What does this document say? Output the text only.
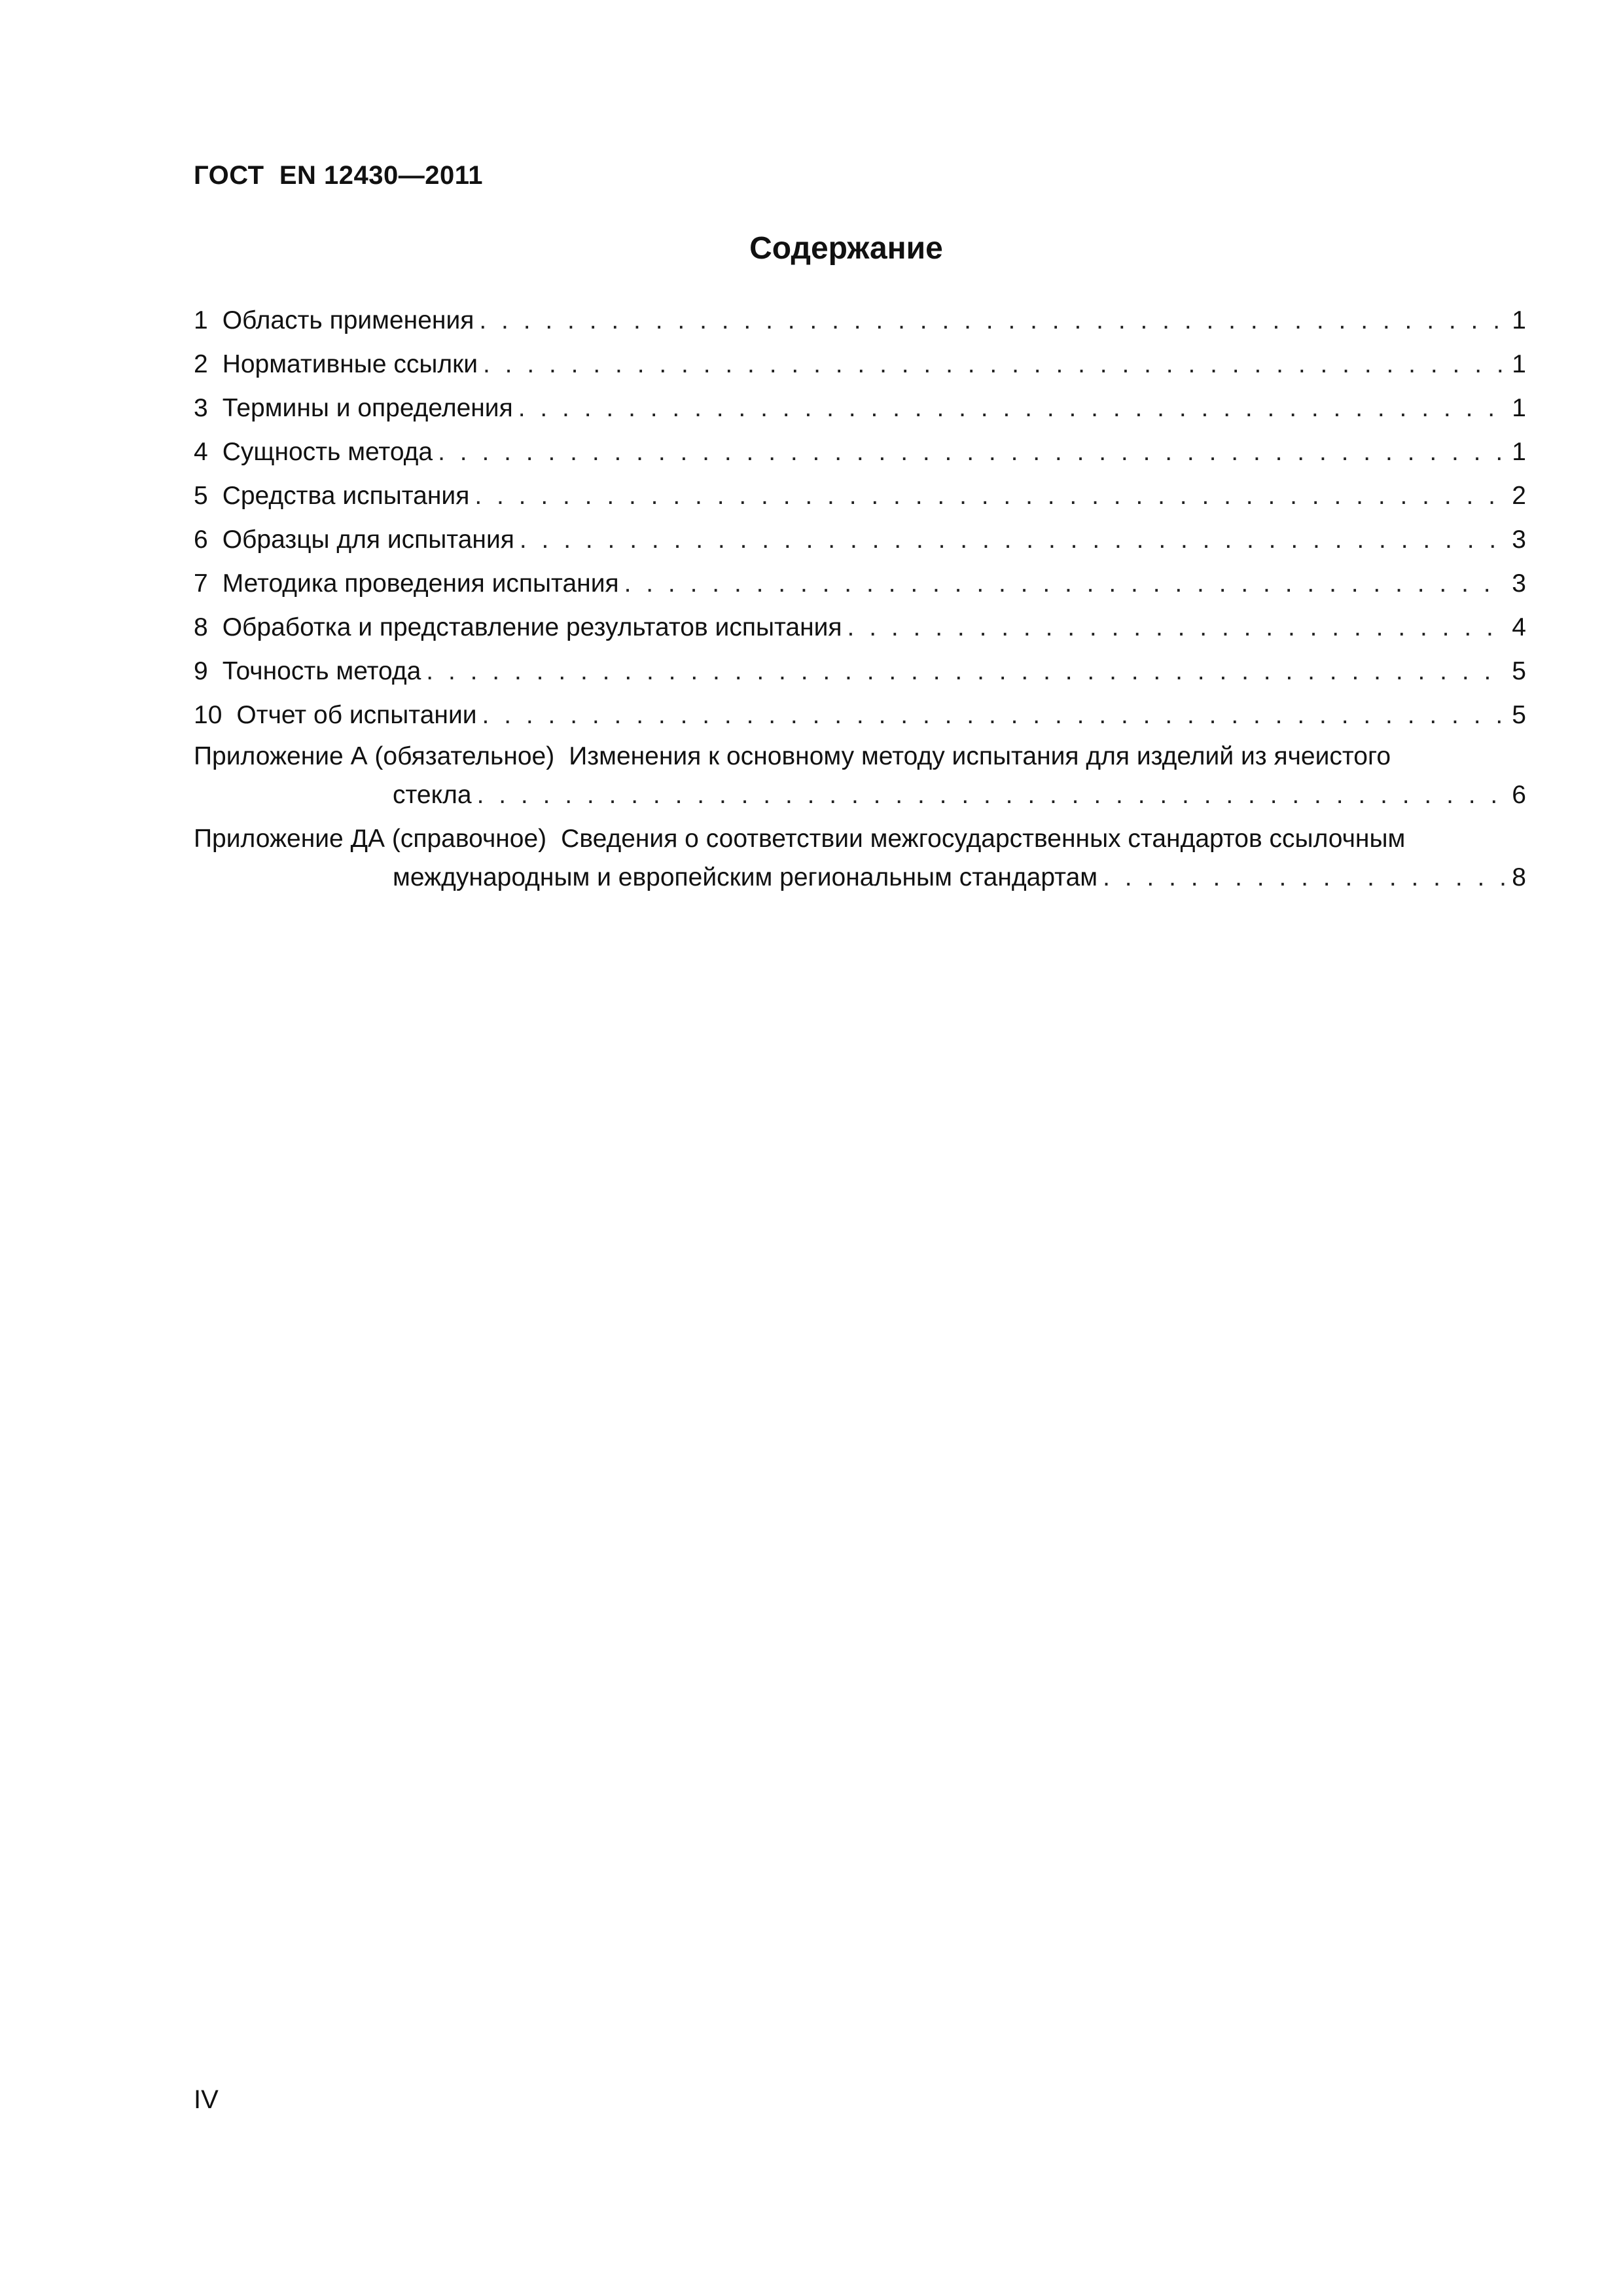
ГОСТ  EN 12430—2011
Содержание
1 Область применения . . .	1
2 Нормативные ссылки . . .	1
3 Термины и определения . . .	1
4 Сущность метода . . .	1
5 Средства испытания . . .	2
6 Образцы для испытания . . .	3
7 Методика проведения испытания . . .	3
8 Обработка и представление результатов испытания . . .	4
9 Точность метода . . .	5
10 Отчет об испытании . . .	5
Приложение А (обязательное) Изменения к основному методу испытания для изделий из ячеистого
стекла . . .	6
Приложение ДА (справочное) Сведения о соответствии межгосударственных стандартов ссылочным
международным и европейским региональным стандартам . . .	8
IV
